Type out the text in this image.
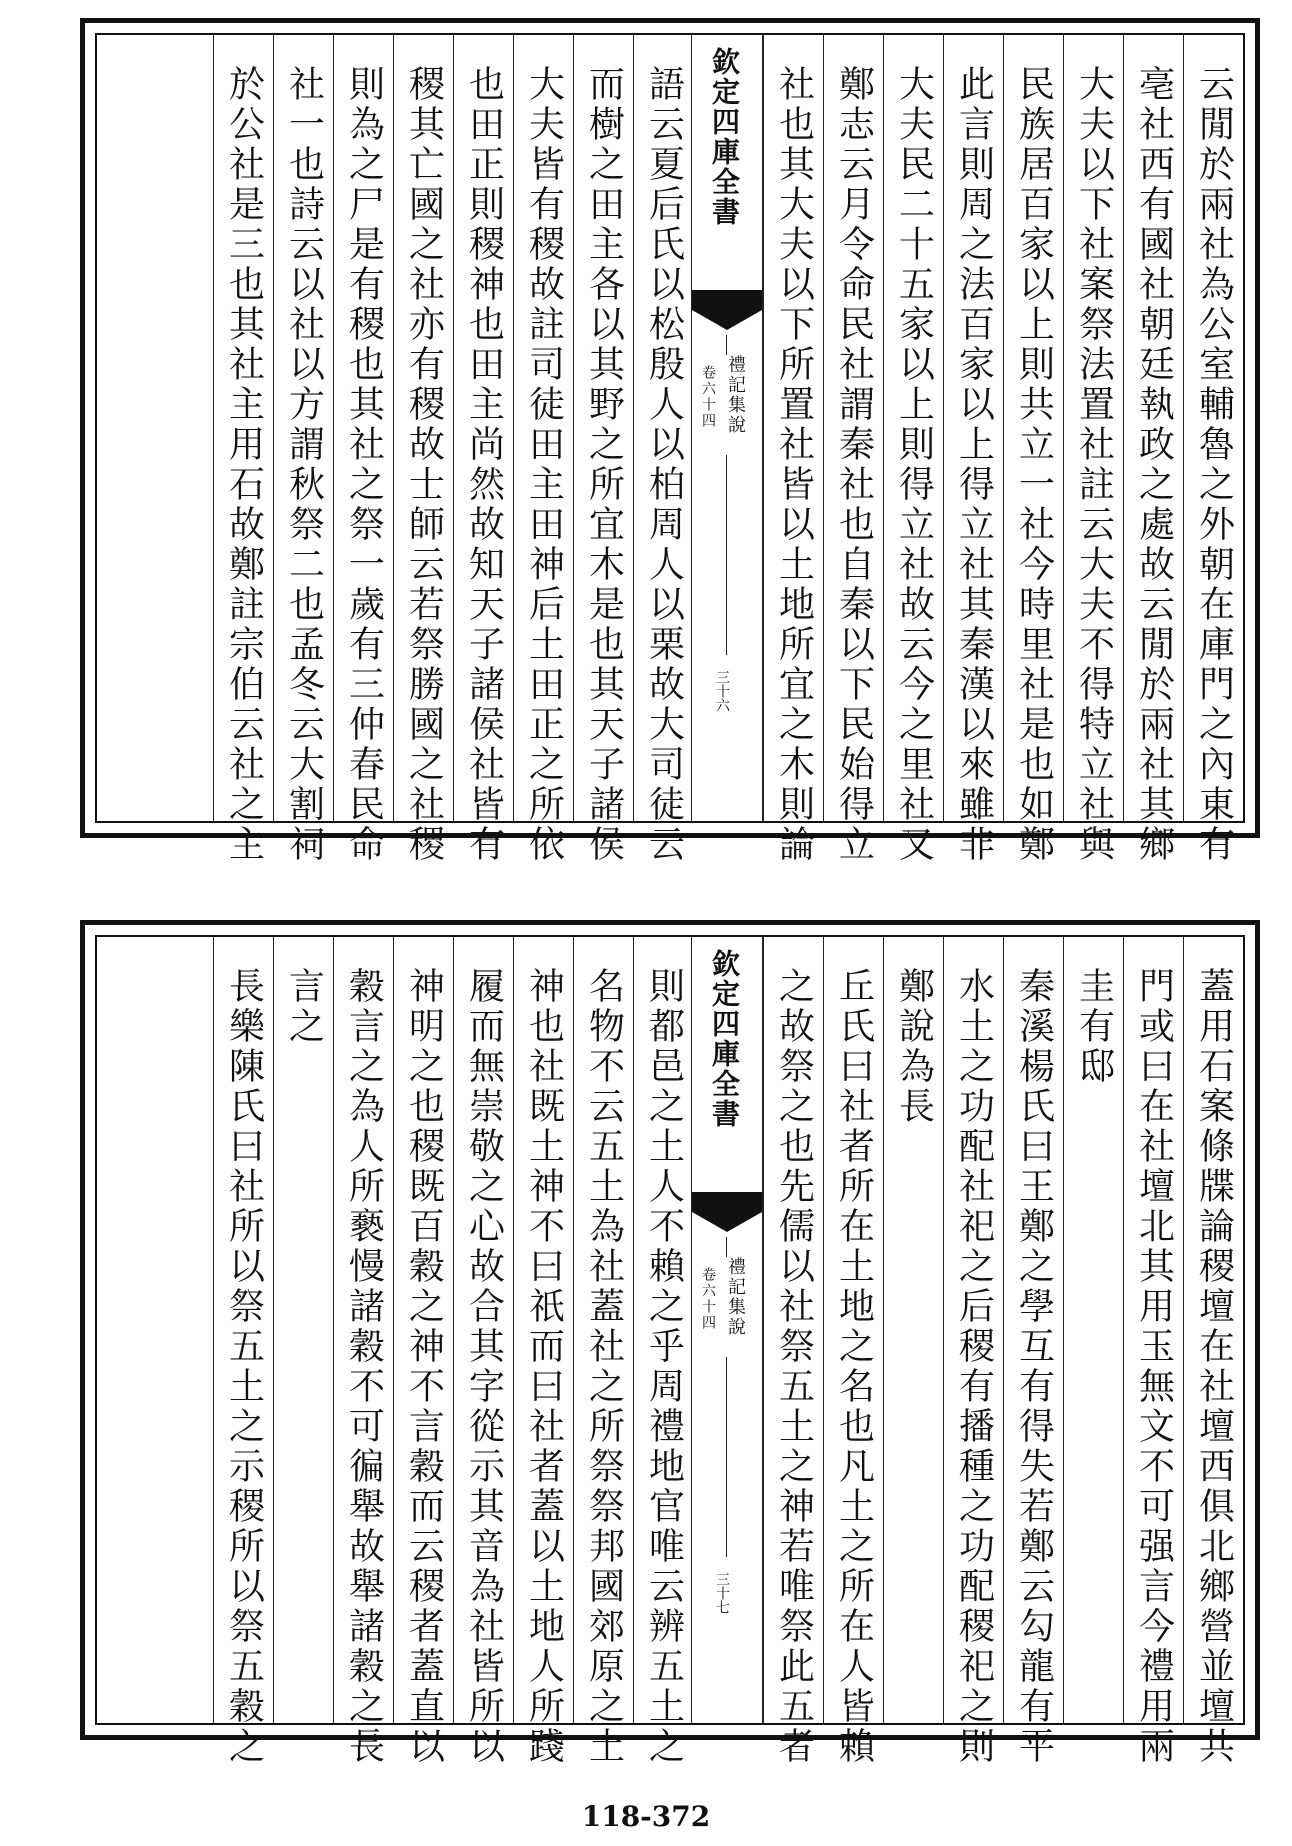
云閒於兩社為公室輔魯之外朝在庫門之內東有
亳社西有國社朝廷執政之處故云閒於兩社其鄉
大夫以下社案祭法置社註云大夫不得特立社與
民族居百家以上則共立一社今時里社是也如鄭
此言則周之法百家以上得立社其秦漢以來雖非
大夫民二十五家以上則得立社故云今之里社又
鄭志云月令命民社謂秦社也自秦以下民始得立
社也其大夫以下所置社皆以土地所宜之木則論
欽定四庫全書
禮記集說
卷六十四
三十六
語云夏后氏以松殷人以柏周人以栗故大司徒云
而樹之田主各以其野之所宜木是也其天子諸侯
大夫皆有稷故註司徒田主田神后土田正之所依
也田正則稷神也田主尚然故知天子諸侯社皆有
稷其亡國之社亦有稷故士師云若祭勝國之社稷
則為之尸是有稷也其社之祭一歲有三仲春民命
社一也詩云以社以方謂秋祭二也孟冬云大割祠
於公社是三也其社主用石故鄭註宗伯云社之主
蓋用石案條牒論稷壇在社壇西俱北鄉營並壇共
門或曰在社壇北其用玉無文不可强言今禮用兩
圭有邸
秦溪楊氏曰王鄭之學互有得失若鄭云勾龍有平
水土之功配社祀之后稷有播種之功配稷祀之則
鄭說為長
丘氏曰社者所在土地之名也凡土之所在人皆賴
之故祭之也先儒以社祭五土之神若唯祭此五者
欽定四庫全書
禮記集說
卷六十四
三十七
則都邑之土人不賴之乎周禮地官唯云辨五土之
名物不云五土為社蓋社之所祭祭邦國郊原之土
神也社既土神不曰祇而曰社者蓋以土地人所踐
履而無崇敬之心故合其字從示其音為社皆所以
神明之也稷既百穀之神不言穀而云稷者蓋直以
穀言之為人所褻慢諸穀不可徧舉故舉諸穀之長
言之
長樂陳氏曰社所以祭五土之示稷所以祭五穀之
118-372
